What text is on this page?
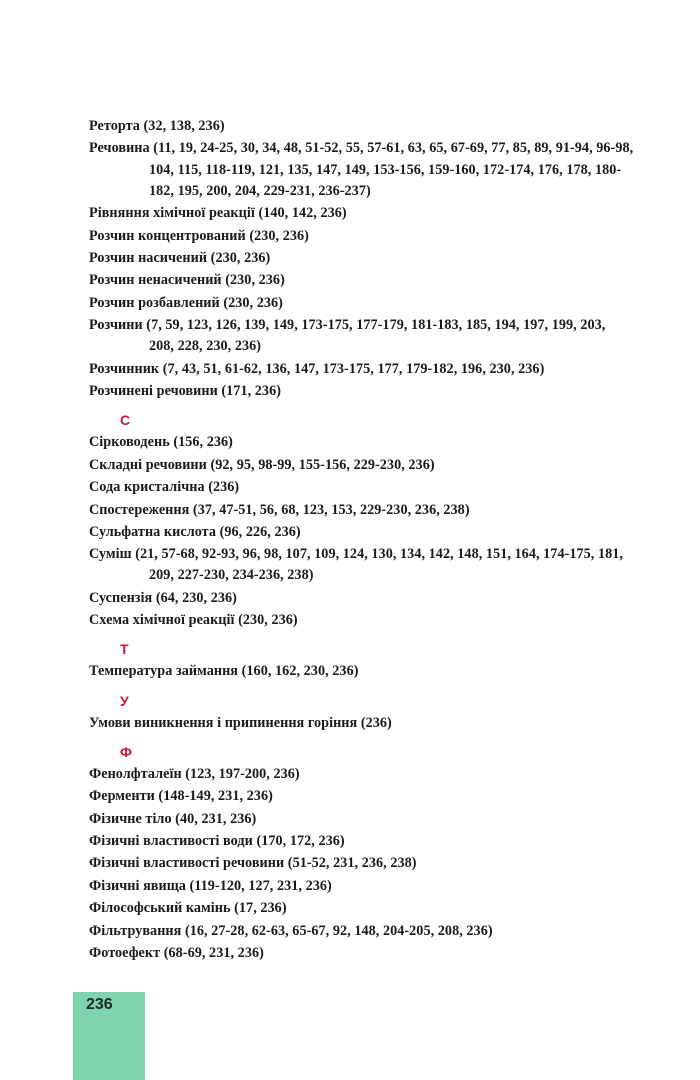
Реторта (32, 138, 236)
Речовина (11, 19, 24-25, 30, 34, 48, 51-52, 55, 57-61, 63, 65, 67-69, 77, 85, 89, 91-94, 96-98, 104, 115, 118-119, 121, 135, 147, 149, 153-156, 159-160, 172-174, 176, 178, 180-182, 195, 200, 204, 229-231, 236-237)
Рівняння хімічної реакції (140, 142, 236)
Розчин концентрований (230, 236)
Розчин насичений (230, 236)
Розчин ненасичений (230, 236)
Розчин розбавлений (230, 236)
Розчини (7, 59, 123, 126, 139, 149, 173-175, 177-179, 181-183, 185, 194, 197, 199, 203, 208, 228, 230, 236)
Розчинник (7, 43, 51, 61-62, 136, 147, 173-175, 177, 179-182, 196, 230, 236)
Розчинені речовини (171, 236)
С
Сірководень (156, 236)
Складні речовини (92, 95, 98-99, 155-156, 229-230, 236)
Сода кристалічна (236)
Спостереження (37, 47-51, 56, 68, 123, 153, 229-230, 236, 238)
Сульфатна кислота (96, 226, 236)
Суміш (21, 57-68, 92-93, 96, 98, 107, 109, 124, 130, 134, 142, 148, 151, 164, 174-175, 181, 209, 227-230, 234-236, 238)
Суспензія (64, 230, 236)
Схема хімічної реакції (230, 236)
Т
Температура займання (160, 162, 230, 236)
У
Умови виникнення і припинення горіння (236)
Ф
Фенолфталеїн (123, 197-200, 236)
Ферменти (148-149, 231, 236)
Фізичне тіло (40, 231, 236)
Фізичні властивості води (170, 172, 236)
Фізичні властивості речовини (51-52, 231, 236, 238)
Фізичні явища (119-120, 127, 231, 236)
Філософський камінь (17, 236)
Фільтрування (16, 27-28, 62-63, 65-67, 92, 148, 204-205, 208, 236)
Фотоефект (68-69, 231, 236)
236
